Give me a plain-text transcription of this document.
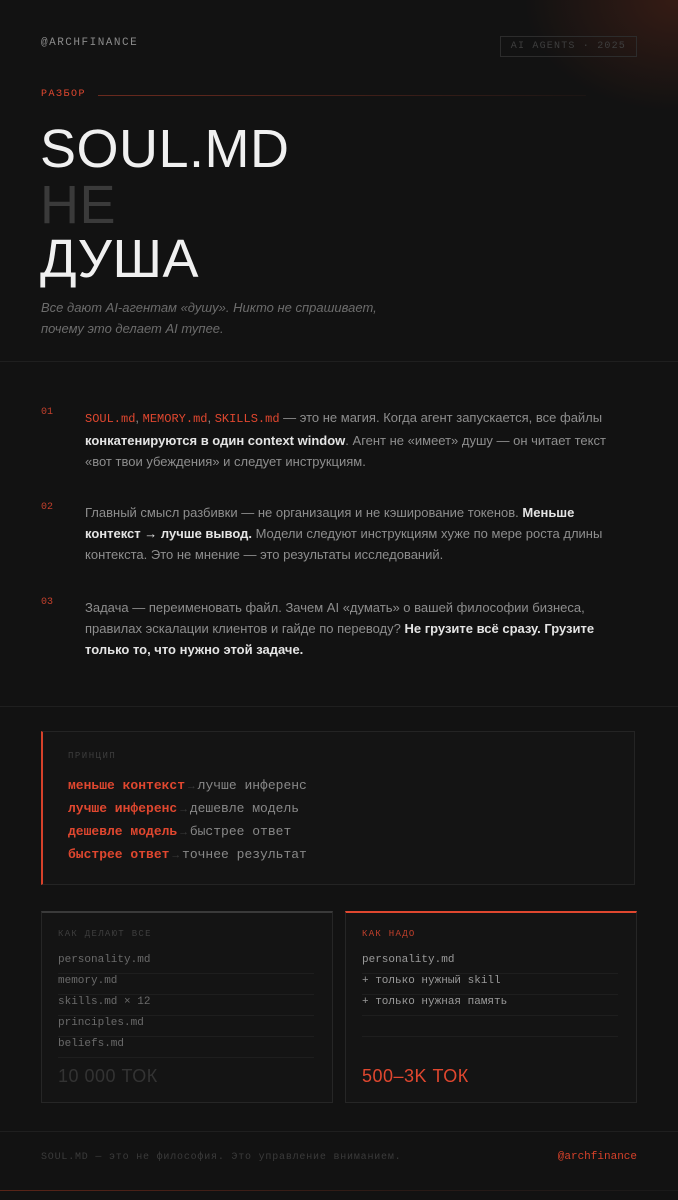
@ARCHFINANCE	AI AGENTS · 2025
РАЗБОР
SOUL.MD
НЕ
ДУША
Все дают AI-агентам «душу». Никто не спрашивает, почему это делает AI тупее.
01	SOUL.md, MEMORY.md, SKILLS.md — это не магия. Когда агент запускается, все файлы конкатенируются в один context window. Агент не «имеет» душу — он читает текст «вот твои убеждения» и следует инструкциям.
02 Главный смысл разбивки — не организация и не кэширование токенов. Меньше контекст → лучше вывод. Модели следуют инструкциям хуже по мере роста длины контекста. Это не мнение — это результаты исследований.
03 Задача — переименовать файл. Зачем AI «думать» о вашей философии бизнеса, правилах эскалации клиентов и гайде по переводу? Не грузите всё сразу. Грузите только то, что нужно этой задаче.
ПРИНЦИП
меньше контекст → лучше инференс
лучше инференс → дешевле модель
дешевле модель → быстрее ответ
быстрее ответ → точнее результат
КАК ДЕЛАЮТ ВСЕ
personality.md
memory.md
skills.md × 12
principles.md
beliefs.md
10 000 ТОК
КАК НАДО
personality.md
+ только нужный skill
+ только нужная память
500–3K ТОК
SOUL.MD — это не философия. Это управление вниманием.	@archfinance
